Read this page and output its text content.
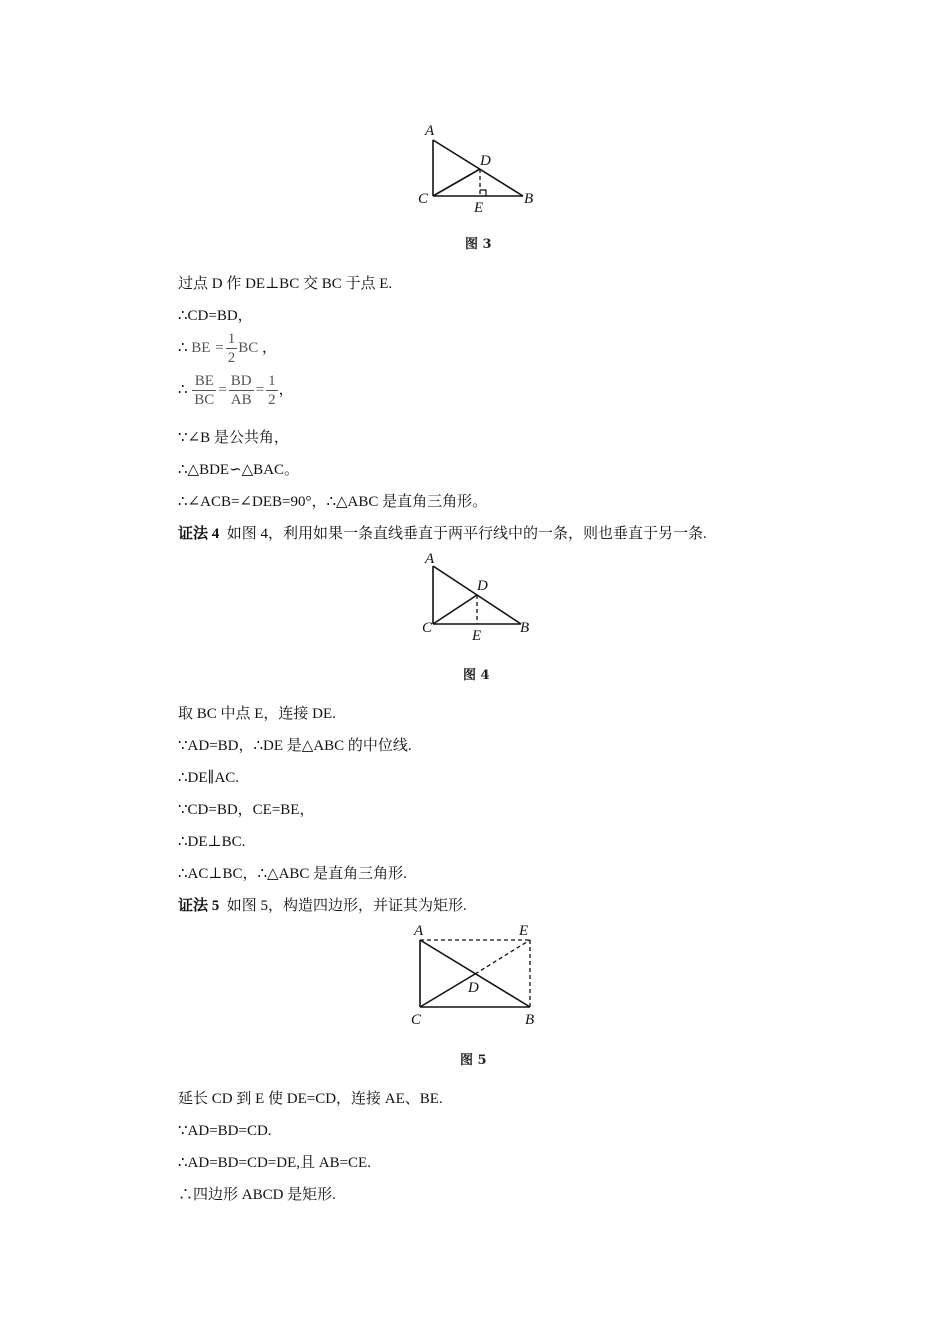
A
D
C	B
E
图 3
过点 D 作 DE⊥BC 交 BC 于点 E.
∴CD=BD，
∴ BE = $\frac{1}{2}$ BC ，
∴ $\frac{BE}{BC} = \frac{BD}{AB} = \frac{1}{2}$ ，
∵∠B 是公共角，
∴△BDE∽△BAC。
∴∠ACB=∠DEB=90°，∴△ABC 是直角三角形。
证法 4 如图 4，利用如果一条直线垂直于两平行线中的一条，则也垂直于另一条.
A
D
C	B
E
图 4
取 BC 中点 E，连接 DE.
∵AD=BD，∴DE 是△ABC 的中位线.
∴DE∥AC.
∵CD=BD，CE=BE，
∴DE⊥BC.
∴AC⊥BC，∴△ABC 是直角三角形.
证法 5 如图 5，构造四边形，并证其为矩形.
A	E
D
C	B
图 5
延长 CD 到 E 使 DE=CD，连接 AE、BE.
∵AD=BD=CD.
∴AD=BD=CD=DE,且 AB=CE.
∴四边形 ABCD 是矩形.
